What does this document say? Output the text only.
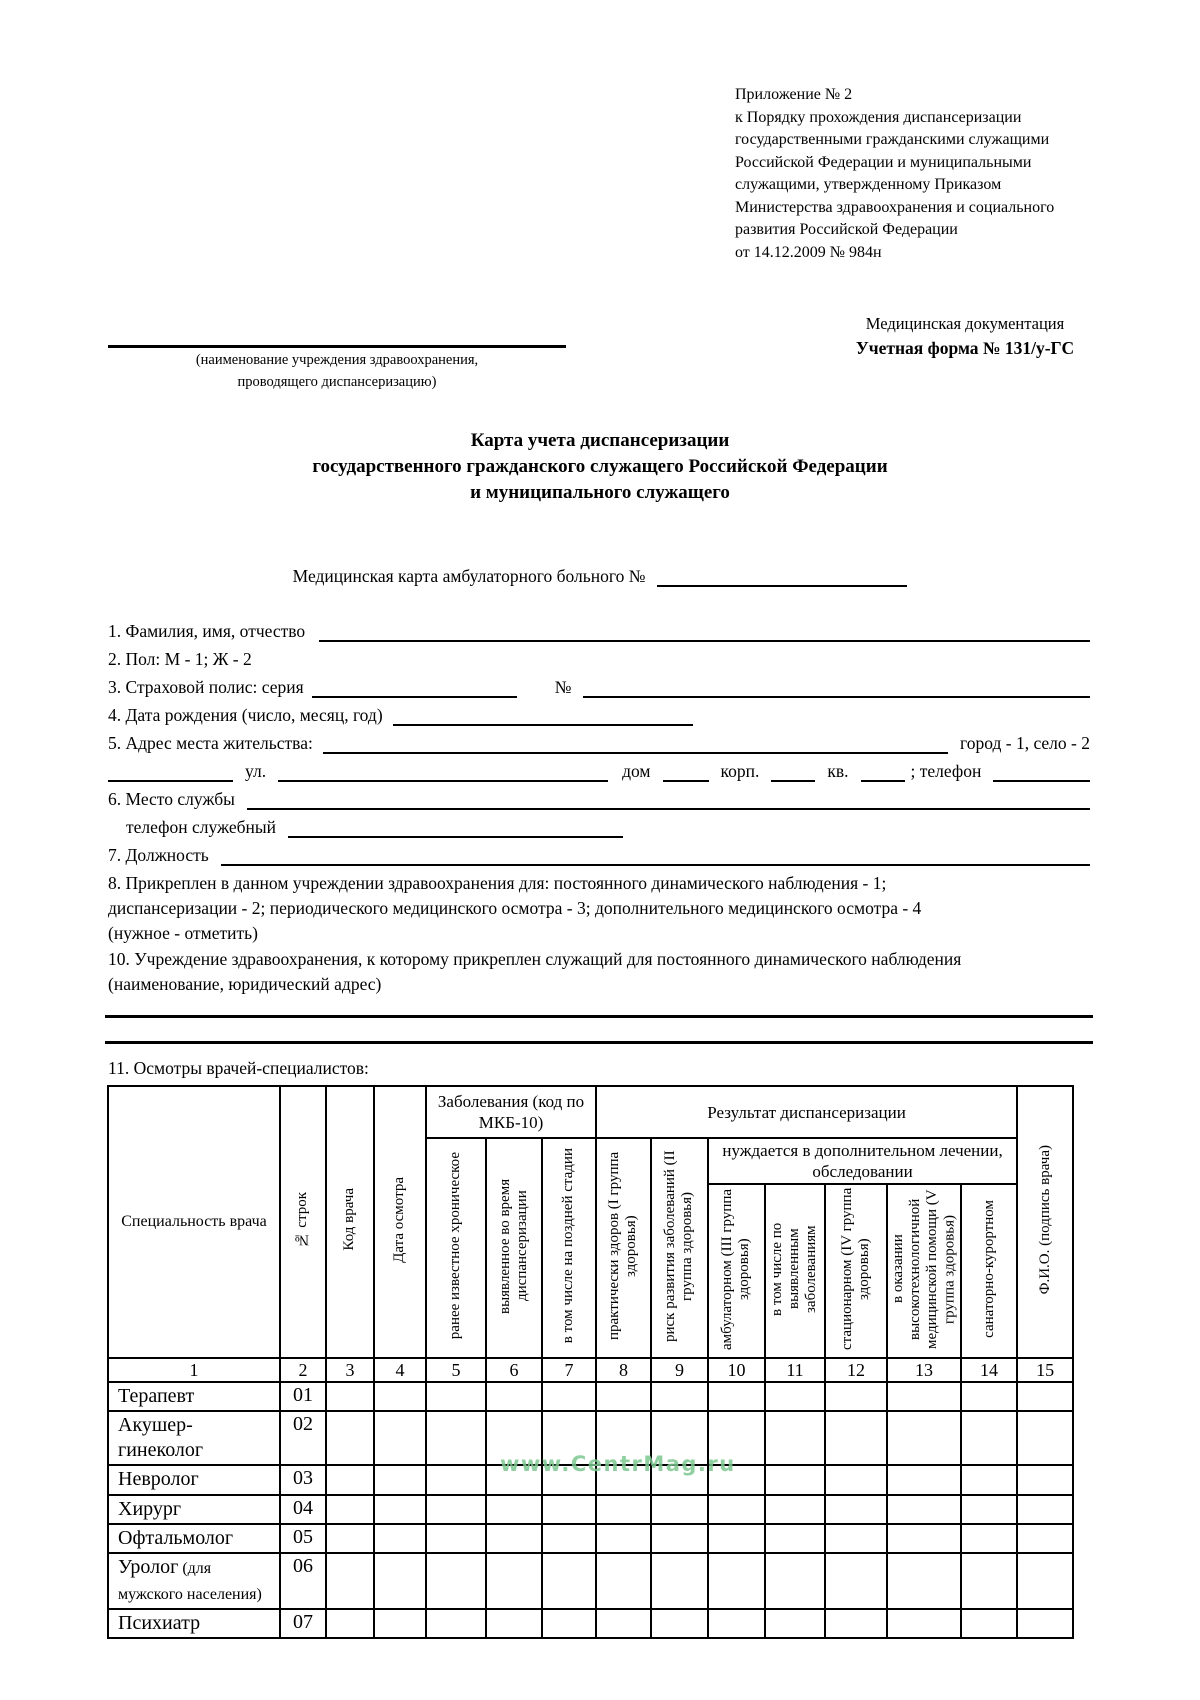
Приложение № 2
к Порядку прохождения диспансеризации
государственными гражданскими служащими
Российской Федерации и муниципальными
служащими, утвержденному Приказом
Министерства здравоохранения и социального
развития Российской Федерации
от 14.12.2009 № 984н
(наименование учреждения здравоохранения,
проводящего диспансеризацию)
Медицинская документация
Учетная форма № 131/у-ГС
Карта учета диспансеризации
государственного гражданского служащего Российской Федерации
и муниципального служащего
Медицинская карта амбулаторного больного №
1. Фамилия, имя, отчество
2. Пол: М - 1; Ж - 2
3. Страховой полис: серия	№
4. Дата рождения (число, месяц, год)
5. Адрес места жительства:	город - 1, село - 2
ул.	дом	корп.	кв.	; телефон
6. Место службы
телефон служебный
7. Должность
8. Прикреплен в данном учреждении здравоохранения для: постоянного динамического наблюдения - 1;
диспансеризации - 2; периодического медицинского осмотра - 3; дополнительного медицинского осмотра - 4
(нужное - отметить)
10. Учреждение здравоохранения, к которому прикреплен служащий для постоянного динамического наблюдения
(наименование, юридический адрес)
11. Осмотры врачей-специалистов:
Специальность врача	№ строк	Код врача	Дата осмотра	Заболевания (код по МКБ-10)			Результат диспансеризации							Ф.И.О. (подпись врача)
				ранее известное хроническое	выявленное во время диспансеризации	в том числе на поздней стадии	практически здоров (I группа здоровья)	риск развития заболеваний (II группа здоровья)	нуждается в дополнительном лечении, обследовании					
									амбулаторном (III группа здоровья)	в том числе по выявленным заболеваниям	стационарном (IV группа здоровья)	в оказании высокотехнологичной медицинской помощи (V группа здоровья)	санаторно-курортном	
1	2	3	4	5	6	7	8	9	10	11	12	13	14	15
Терапевт	01													
Акушер-гинеколог	02													
Невролог	03													
Хирург	04													
Офтальмолог	05													
Уролог (для мужского населения)	06													
Психиатр	07													
www.CentrMag.ru
